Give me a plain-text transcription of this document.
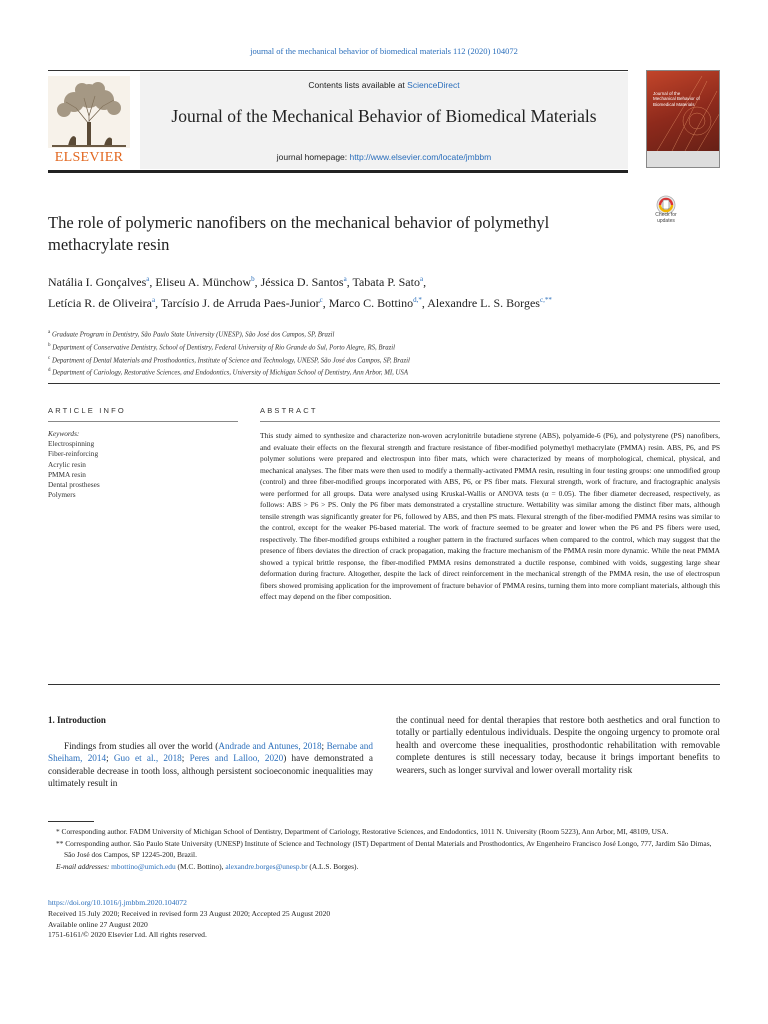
journal of the mechanical behavior of biomedical materials 112 (2020) 104072
ELSEVIER
Contents lists available at ScienceDirect
Journal of the Mechanical Behavior of Biomedical Materials
journal homepage: http://www.elsevier.com/locate/jmbbm
Journal of the Mechanical Behavior of Biomedical Materials
The role of polymeric nanofibers on the mechanical behavior of polymethyl methacrylate resin
Check for updates
Natália I. Gonçalves$^a$, Eliseu A. Münchow$^b$, Jéssica D. Santos$^a$, Tabata P. Sato$^a$,
Letícia R. de Oliveira$^a$, Tarcísio J. de Arruda Paes-Junior$^c$, Marco C. Bottino$^{d,*}$, Alexandre L. S. Borges$^{c,**}$
$^a$ Graduate Program in Dentistry, São Paulo State University (UNESP), São José dos Campos, SP, Brazil
$^b$ Department of Conservative Dentistry, School of Dentistry, Federal University of Rio Grande do Sul, Porto Alegre, RS, Brazil
$^c$ Department of Dental Materials and Prosthodontics, Institute of Science and Technology, UNESP, São José dos Campos, SP, Brazil
$^d$ Department of Cariology, Restorative Sciences, and Endodontics, University of Michigan School of Dentistry, Ann Arbor, MI, USA
ARTICLE INFO	ABSTRACT
Keywords:
Electrospinning
Fiber-reinforcing
Acrylic resin
PMMA resin
Dental prostheses
Polymers
This study aimed to synthesize and characterize non-woven acrylonitrile butadiene styrene (ABS), polyamide-6 (P6), and polystyrene (PS) nanofibers, and evaluate their effects on the flexural strength and fracture resistance of fiber-modified polymethyl methacrylate (PMMA) resin. ABS, P6, and PS polymer solutions were prepared and electrospun into fiber mats, which were characterized by means of morphological, chemical, physical, and mechanical analyses. The fiber mats were then used to modify a thermally-activated PMMA resin, resulting in four testing groups: one unmodified group (control) and three fiber-modified groups incorporated with ABS, P6, or PS fiber mats. Flexural strength, work of fracture, and fractographic analysis were performed for all groups. Data were analysed using Kruskal-Wallis or ANOVA tests (α = 0.05). The fiber diameter decreased, respectively, as follows: ABS > P6 > PS. Only the P6 fiber mats demonstrated a crystalline structure. Wettability was similar among the distinct fiber mats, although tensile strength was significantly greater for P6, followed by ABS, and then PS mats. Flexural strength of the fiber-modified PMMA resins was similar to the control, except for the weaker P6-based material. The work of fracture seemed to be greater and lower when the P6 and PS fibers were used, respectively. The fiber-modified groups exhibited a rougher pattern in the fractured surfaces when compared to the control, which may suggest that the presence of fibers deviates the direction of crack propagation, making the fracture mechanism of the PMMA resin more dynamic. While the neat PMMA showed a typical brittle response, the fiber-modified PMMA resins demonstrated a ductile response, combined with voids, suggesting large shear deformation during fracture. Altogether, despite the lack of direct reinforcement in the mechanical strength of the PMMA resin, the use of electrospun fibers showed promising application for the improvement of fracture behavior of PMMA resins, turning them into more compliant materials, although this effect may depend on the fiber composition.
1. Introduction
Findings from studies all over the world (Andrade and Antunes, 2018; Bernabe and Sheiham, 2014; Guo et al., 2018; Peres and Lalloo, 2020) have demonstrated a considerable decrease in tooth loss, although persistent socioeconomic inequalities may ultimately result in
the continual need for dental therapies that restore both aesthetics and oral function to totally or partially edentulous individuals. Despite the ongoing urgency to promote oral health and overcome these inequalities, prosthodontic rehabilitation with removable complete dentures is still necessary today, because it brings important benefits to wearers, such as longer survival and lower overall mortality risk
* Corresponding author. FADM University of Michigan School of Dentistry, Department of Cariology, Restorative Sciences, and Endodontics, 1011 N. University (Room 5223), Ann Arbor, MI, 48109, USA.
** Corresponding author. São Paulo State University (UNESP) Institute of Science and Technology (IST) Department of Dental Materials and Prosthodontics, Av Engenheiro Francisco José Longo, 777, Jardim São Dimas, São José dos Campos, SP 12245-200, Brazil.
E-mail addresses: mbottino@umich.edu (M.C. Bottino), alexandre.borges@unesp.br (A.L.S. Borges).
https://doi.org/10.1016/j.jmbbm.2020.104072
Received 15 July 2020; Received in revised form 23 August 2020; Accepted 25 August 2020
Available online 27 August 2020
1751-6161/© 2020 Elsevier Ltd. All rights reserved.
